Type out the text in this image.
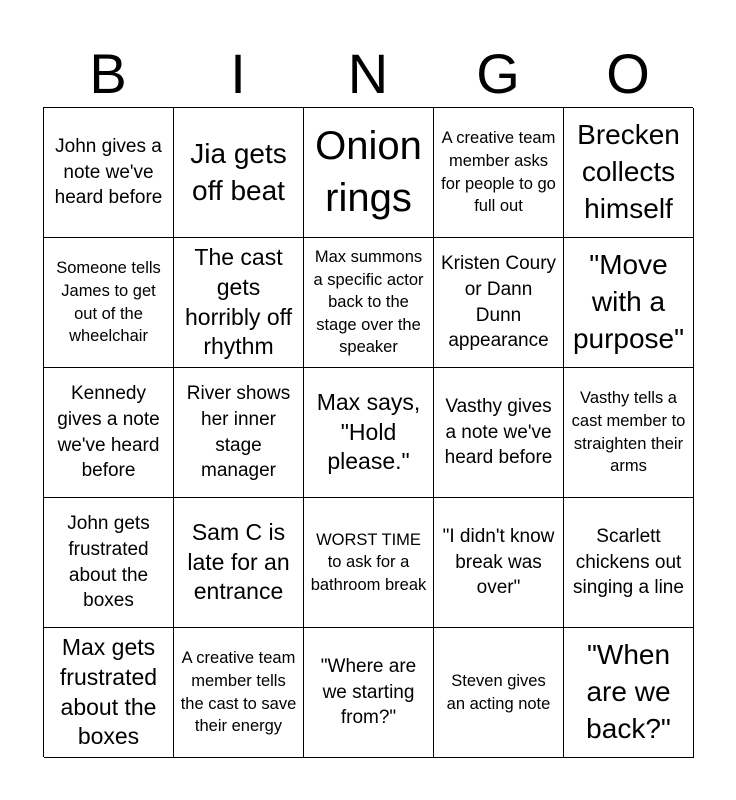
B	I	N	G	O
John gives a note we've heard before
Jia gets off beat
Onion rings
A creative team member asks for people to go full out
Brecken collects himself
Someone tells James to get out of the wheelchair
The cast gets horribly off rhythm
Max summons a specific actor back to the stage over the speaker
Kristen Coury or Dann Dunn appearance
"Move with a purpose"
Kennedy gives a note we've heard before
River shows her inner stage manager
Max says, "Hold please."
Vasthy gives a note we've heard before
Vasthy tells a cast member to straighten their arms
John gets frustrated about the boxes
Sam C is late for an entrance
WORST TIME to ask for a bathroom break
"I didn't know break was over"
Scarlett chickens out singing a line
Max gets frustrated about the boxes
A creative team member tells the cast to save their energy
"Where are we starting from?"
Steven gives an acting note
"When are we back?"
